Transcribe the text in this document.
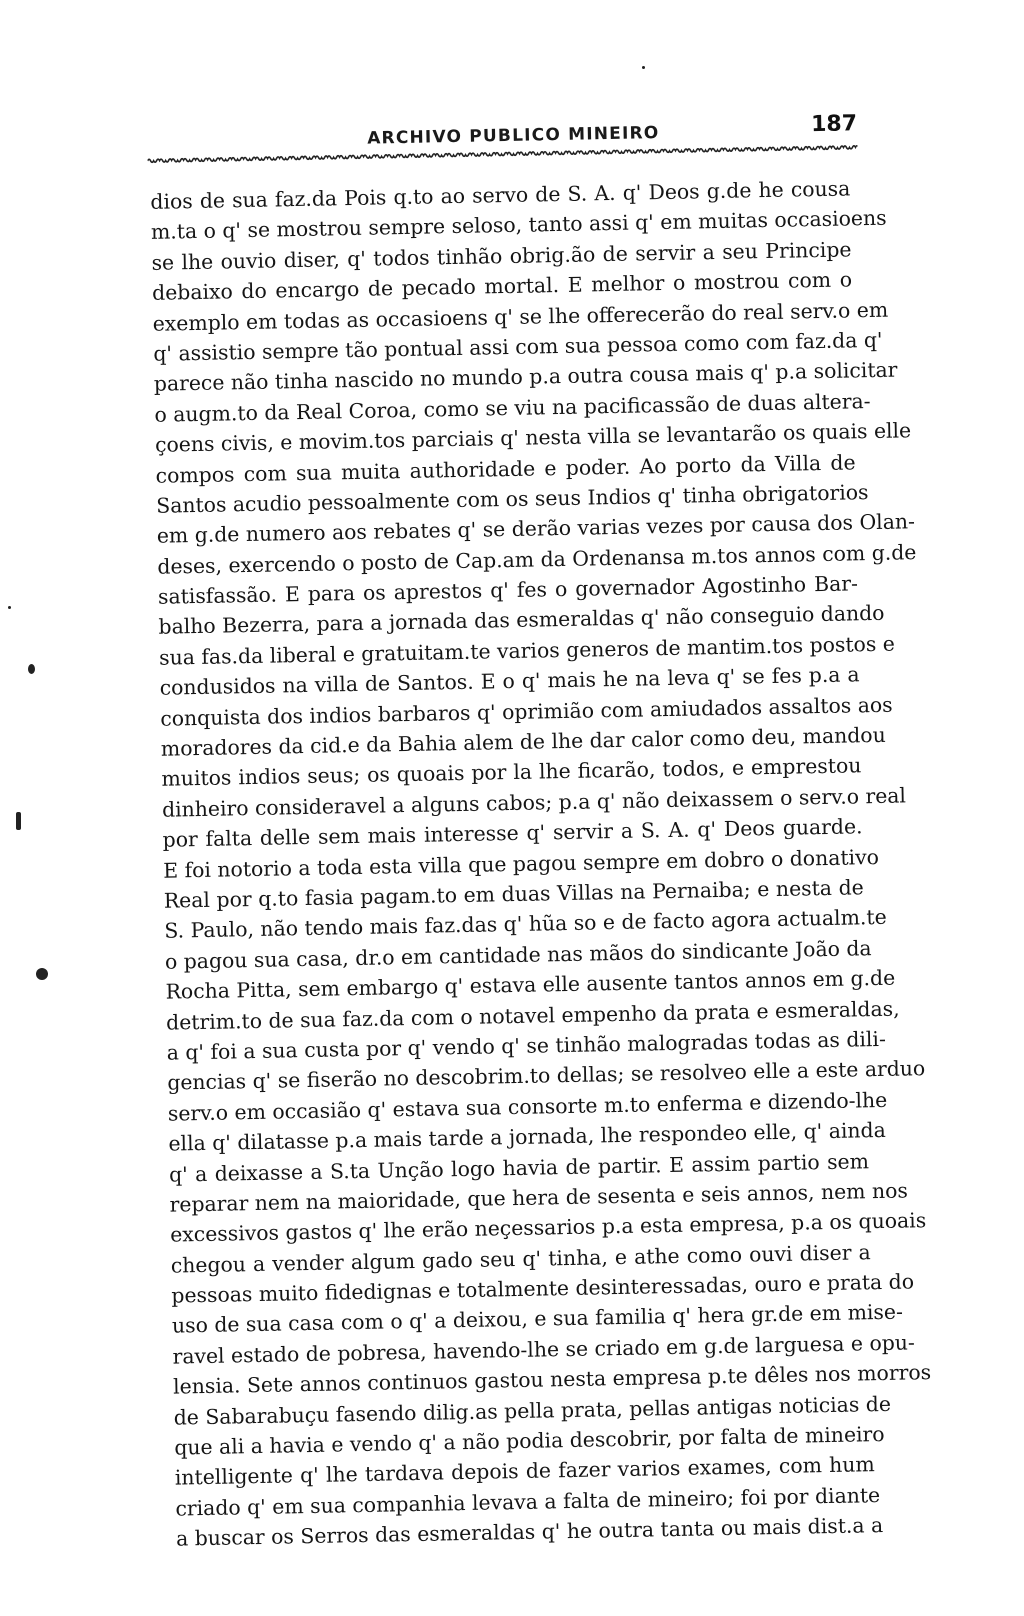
ARCHIVO PUBLICO MINEIRO	187
dios de sua faz.da Pois q.to ao servo de S. A. q' Deos g.de he cousa
m.ta o q' se mostrou sempre seloso, tanto assi q' em muitas occasioens
se lhe ouvio diser, q' todos tinhão obrig.ão de servir a seu Principe
debaixo do encargo de pecado mortal. E melhor o mostrou com o
exemplo em todas as occasioens q' se lhe offerecerão do real serv.o em
q' assistio sempre tão pontual assi com sua pessoa como com faz.da q'
parece não tinha nascido no mundo p.a outra cousa mais q' p.a solicitar
o augm.to da Real Coroa, como se viu na pacificassão de duas altera-
çoens civis, e movim.tos parciais q' nesta villa se levantarão os quais elle
compos com sua muita authoridade e poder. Ao porto da Villa de
Santos acudio pessoalmente com os seus Indios q' tinha obrigatorios
em g.de numero aos rebates q' se derão varias vezes por causa dos Olan-
deses, exercendo o posto de Cap.am da Ordenansa m.tos annos com g.de
satisfassão. E para os aprestos q' fes o governador Agostinho Bar-
balho Bezerra, para a jornada das esmeraldas q' não conseguio dando
sua fas.da liberal e gratuitam.te varios generos de mantim.tos postos e
condusidos na villa de Santos. E o q' mais he na leva q' se fes p.a a
conquista dos indios barbaros q' oprimião com amiudados assaltos aos
moradores da cid.e da Bahia alem de lhe dar calor como deu, mandou
muitos indios seus; os quoais por la lhe ficarão, todos, e emprestou
dinheiro consideravel a alguns cabos; p.a q' não deixassem o serv.o real
por falta delle sem mais interesse q' servir a S. A. q' Deos guarde.
E foi notorio a toda esta villa que pagou sempre em dobro o donativo
Real por q.to fasia pagam.to em duas Villas na Pernaiba; e nesta de
S. Paulo, não tendo mais faz.das q' hũa so e de facto agora actualm.te
o pagou sua casa, dr.o em cantidade nas mãos do sindicante João da
Rocha Pitta, sem embargo q' estava elle ausente tantos annos em g.de
detrim.to de sua faz.da com o notavel empenho da prata e esmeraldas,
a q' foi a sua custa por q' vendo q' se tinhão malogradas todas as dili-
gencias q' se fiserão no descobrim.to dellas; se resolveo elle a este arduo
serv.o em occasião q' estava sua consorte m.to enferma e dizendo-lhe
ella q' dilatasse p.a mais tarde a jornada, lhe respondeo elle, q' ainda
q' a deixasse a S.ta Unção logo havia de partir. E assim partio sem
reparar nem na maioridade, que hera de sesenta e seis annos, nem nos
excessivos gastos q' lhe erão neçessarios p.a esta empresa, p.a os quoais
chegou a vender algum gado seu q' tinha, e athe como ouvi diser a
pessoas muito fidedignas e totalmente desinteressadas, ouro e prata do
uso de sua casa com o q' a deixou, e sua familia q' hera gr.de em mise-
ravel estado de pobresa, havendo-lhe se criado em g.de larguesa e opu-
lensia. Sete annos continuos gastou nesta empresa p.te dêles nos morros
de Sabarabuçu fasendo dilig.as pella prata, pellas antigas noticias de
que ali a havia e vendo q' a não podia descobrir, por falta de mineiro
intelligente q' lhe tardava depois de fazer varios exames, com hum
criado q' em sua companhia levava a falta de mineiro; foi por diante
a buscar os Serros das esmeraldas q' he outra tanta ou mais dist.a a
